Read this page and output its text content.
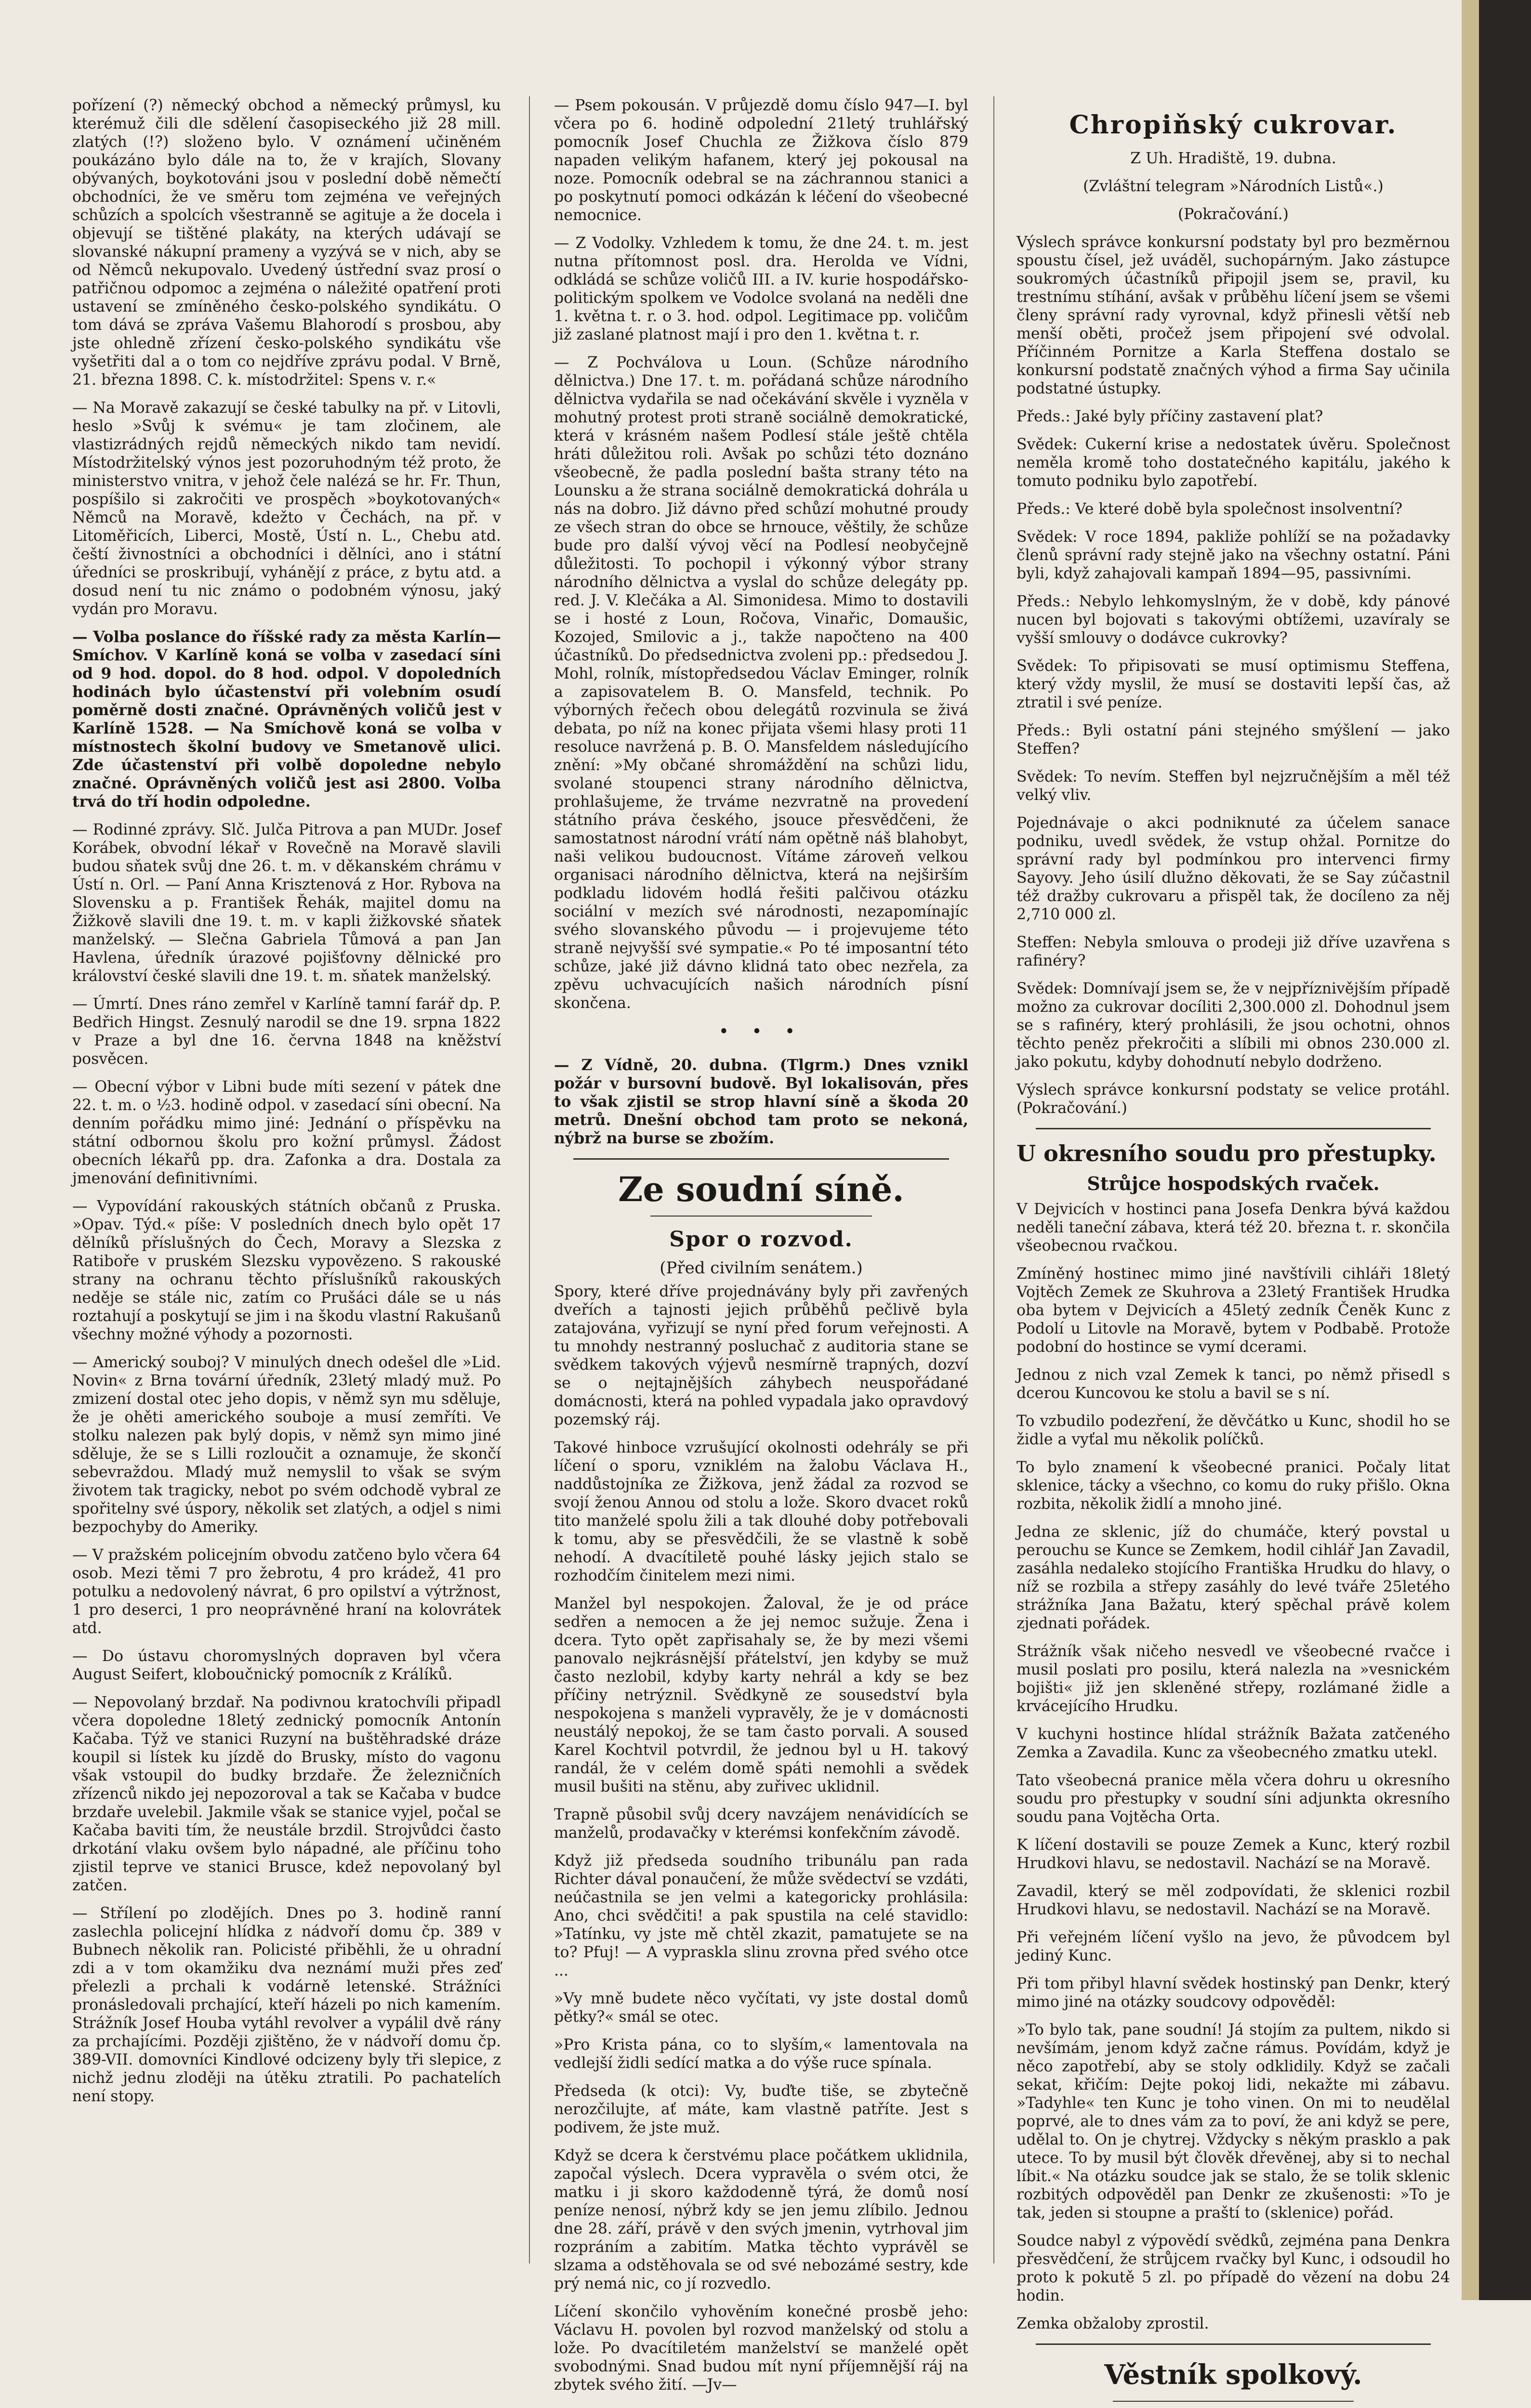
pořízení (?) německý obchod a německý průmysl, ku kterémuž čili dle sdělení časopiseckého již 28 mill. zlatých (!?) složeno bylo. V oznámení učiněném poukázáno bylo dále na to, že v krajích, Slovany obývaných, boykotováni jsou v poslední době němečtí obchodníci, že ve směru tom zejména ve veřejných schůzích a spolcích všestranně se agituje a že docela i objevují se tištěné plakáty, na kterých udávají se slovanské nákupní prameny a vyzývá se v nich, aby se od Němců nekupovalo. Uvedený ústřední svaz prosí o patřičnou odpomoc a zejména o náležité opatření proti ustavení se zmíněného česko-polského syndikátu. O tom dává se zpráva Vašemu Blahorodí s prosbou, aby jste ohledně zřízení česko-polského syndikátu vše vyšetřiti dal a o tom co nejdříve zprávu podal. V Brně, 21. března 1898. C. k. místodržitel: Spens v. r.«

— Na Moravě zakazují se české tabulky na př. v Litovli, heslo »Svůj k svému« je tam zločinem, ale vlastizrádných rejdů německých nikdo tam nevidí. Místodržitelský výnos jest pozoruhodným též proto, že ministerstvo vnitra, v jehož čele nalézá se hr. Fr. Thun, pospíšilo si zakročiti ve prospěch »boykotovaných« Němců na Moravě, kdežto v Čechách, na př. v Litoměřicích, Liberci, Mostě, Ústí n. L., Chebu atd. čeští živnostníci a obchodníci i dělníci, ano i státní úředníci se proskribují, vyhánějí z práce, z bytu atd. a dosud není tu nic známo o podobném výnosu, jaký vydán pro Moravu.

— Volba poslance do říšské rady za města Karlín—Smíchov. V Karlíně koná se volba v zasedací síni od 9 hod. dopol. do 8 hod. odpol. V dopoledních hodinách bylo účastenství při volebním osudí poměrně dosti značné. Oprávněných voličů jest v Karlíně 1528. — Na Smíchově koná se volba v místnostech školní budovy ve Smetanově ulici. Zde účastenství při volbě dopoledne nebylo značné. Oprávněných voličů jest asi 2800. Volba trvá do tří hodin odpoledne.

— Rodinné zprávy. Slč. Julča Pitrova a pan MUDr. Josef Korábek, obvodní lékař v Rovečně na Moravě slavili budou sňatek svůj dne 26. t. m. v děkanském chrámu v Ústí n. Orl. — Paní Anna Krisztenová z Hor. Rybova na Slovensku a p. František Řehák, majitel domu na Žižkově slavili dne 19. t. m. v kapli žižkovské sňatek manželský. — Slečna Gabriela Tůmová a pan Jan Havlena, úředník úrazové pojišťovny dělnické pro království české slavili dne 19. t. m. sňatek manželský.

— Úmrtí. Dnes ráno zemřel v Karlíně tamní farář dp. P. Bedřich Hingst. Zesnulý narodil se dne 19. srpna 1822 v Praze a byl dne 16. června 1848 na kněžství posvěcen.

— Obecní výbor v Libni bude míti sezení v pátek dne 22. t. m. o ½3. hodině odpol. v zasedací síni obecní. Na denním pořádku mimo jiné: Jednání o příspěvku na státní odbornou školu pro kožní průmysl. Žádost obecních lékařů pp. dra. Zafonka a dra. Dostala za jmenování definitivními.

— Vypovídání rakouských státních občanů z Pruska. »Opav. Týd.« píše: V posledních dnech bylo opět 17 dělníků příslušných do Čech, Moravy a Slezska z Ratiboře v pruském Slezsku vypovězeno. S rakouské strany na ochranu těchto příslušníků rakouských neděje se stále nic, zatím co Prušáci dále se u nás roztahují a poskytují se jim i na škodu vlastní Rakušanů všechny možné výhody a pozornosti.

— Americký souboj? V minulých dnech odešel dle »Lid. Novin« z Brna tovární úředník, 23letý mladý muž. Po zmizení dostal otec jeho dopis, v němž syn mu sděluje, že je ohěti amerického souboje a musí zemříti. Ve stolku nalezen pak bylý dopis, v němž syn mimo jiné sděluje, že se s Lilli rozloučit a oznamuje, že skončí sebevraždou. Mladý muž nemyslil to však se svým životem tak tragicky, nebot po svém odchodě vybral ze spořitelny své úspory, několik set zlatých, a odjel s nimi bezpochyby do Ameriky.

— V pražském policejním obvodu zatčeno bylo včera 64 osob. Mezi těmi 7 pro žebrotu, 4 pro krádež, 41 pro potulku a nedovolený návrat, 6 pro opilství a výtržnost, 1 pro deserci, 1 pro neoprávněné hraní na kolovrátek atd.

— Do ústavu choromyslných dopraven byl včera August Seifert, kloboučnický pomocník z Králíků.

— Nepovolaný brzdař. Na podivnou kratochvíli připadl včera dopoledne 18letý zednický pomocník Antonín Kačaba. Týž ve stanici Ruzyní na buštěhradské dráze koupil si lístek ku jízdě do Brusky, místo do vagonu však vstoupil do budky brzdaře. Že železničních zřízenců nikdo jej nepozoroval a tak se Kačaba v budce brzdaře uvelebil. Jakmile však se stanice vyjel, počal se Kačaba baviti tím, že neustále brzdil. Strojvůdci často drkotání vlaku ovšem bylo nápadné, ale příčinu toho zjistil teprve ve stanici Brusce, kdež nepovolaný byl zatčen.

— Střílení po zlodějích. Dnes po 3. hodině ranní zaslechla policejní hlídka z nádvoří domu čp. 389 v Bubnech několik ran. Policisté přiběhli, že u ohradní zdi a v tom okamžiku dva neznámí muži přes zeď přelezli a prchali k vodárně letenské. Strážníci pronásledovali prchající, kteří házeli po nich kamením. Strážník Josef Houba vytáhl revolver a vypálil dvě rány za prchajícími. Později zjištěno, že v nádvoří domu čp. 389-VII. domovníci Kindlové odcizeny byly tři slepice, z nichž jednu zloději na útěku ztratili. Po pachatelích není stopy.

— Psem pokousán. V průjezdě domu číslo 947—I. byl včera po 6. hodině odpolední 21letý truhlářský pomocník Josef Chuchla ze Žižkova číslo 879 napaden velikým hafanem, který jej pokousal na noze. Pomocník odebral se na záchrannou stanici a po poskytnutí pomoci odkázán k léčení do všeobecné nemocnice.

— Z Vodolky. Vzhledem k tomu, že dne 24. t. m. jest nutna přítomnost posl. dra. Herolda ve Vídni, odkládá se schůze voličů III. a IV. kurie hospodářsko-politickým spolkem ve Vodolce svolaná na neděli dne 1. května t. r. o 3. hod. odpol. Legitimace pp. voličům již zaslané platnost mají i pro den 1. května t. r.

— Z Pochválova u Loun. (Schůze národního dělnictva.) Dne 17. t. m. pořádaná schůze národního dělnictva vydařila se nad očekávání skvěle i vyzněla v mohutný protest proti straně sociálně demokratické, která v krásném našem Podlesí stále ještě chtěla hráti důležitou roli. Avšak po schůzi této doznáno všeobecně, že padla poslední bašta strany této na Lounsku a že strana sociálně demokratická dohrála u nás na dobro. Již dávno před schůzí mohutné proudy ze všech stran do obce se hrnouce, věštily, že schůze bude pro další vývoj věcí na Podlesí neobyčejně důležitosti. To pochopil i výkonný výbor strany národního dělnictva a vyslal do schůze delegáty pp. red. J. V. Klečáka a Al. Simonidesa. Mimo to dostavili se i hosté z Loun, Ročova, Vinařic, Domaušic, Kozojed, Smilovic a j., takže napočteno na 400 účastníků. Do předsednictva zvoleni pp.: předsedou J. Mohl, rolník, místopředsedou Václav Eminger, rolník a zapisovatelem B. O. Mansfeld, technik. Po výborných řečech obou delegátů rozvinula se živá debata, po níž na konec přijata všemi hlasy proti 11 resoluce navržená p. B. O. Mansfeldem následujícího znění: »My občané shromáždění na schůzi lidu, svolané stoupenci strany národního dělnictva, prohlašujeme, že trváme nezvratně na provedení státního práva českého, jsouce přesvědčeni, že samostatnost národní vrátí nám opětně náš blahobyt, naši velikou budoucnost. Vítáme zároveň velkou organisaci národního dělnictva, která na nejširším podkladu lidovém hodlá řešiti palčivou otázku sociální v mezích své národnosti, nezapomínajíc svého slovanského původu — i projevujeme této straně nejvyšší své sympatie.« Po té imposantní této schůze, jaké již dávno klidná tato obec nezřela, za zpěvu uchvacujících našich národních písní skončena.

• • •

— Z Vídně, 20. dubna. (Tlgrm.) Dnes vznikl požár v bursovní budově. Byl lokalisován, přes to však zjistil se strop hlavní síně a škoda 20 metrů. Dnešní obchod tam proto se nekoná, nýbrž na burse se zbožím.

Ze soudní síně.
Spor o rozvod.
(Před civilním senátem.)

Spory, které dříve projednávány byly při zavřených dveřích a tajnosti jejich průběhů pečlivě byla zatajována, vyřizují se nyní před forum veřejnosti. A tu mnohdy nestranný posluchač z auditoria stane se svědkem takových výjevů nesmírně trapných, dozví se o nejtajnějších záhybech neuspořádané domácnosti, která na pohled vypadala jako opravdový pozemský ráj.

Takové hinboce vzrušující okolnosti odehrály se při líčení o sporu, vzniklém na žalobu Václava H., naddůstojníka ze Žižkova, jenž žádal za rozvod se svojí ženou Annou od stolu a lože. Skoro dvacet roků tito manželé spolu žili a tak dlouhé doby potřebovali k tomu, aby se přesvědčili, že se vlastně k sobě nehodí. A dvacítiletě pouhé lásky jejich stalo se rozhodčím činitelem mezi nimi.

Manžel byl nespokojen. Žaloval, že je od práce sedřen a nemocen a že jej nemoc sužuje. Žena i dcera. Tyto opět zapřisahaly se, že by mezi všemi panovalo nejkrásnější přátelství, jen kdyby se muž často nezlobil, kdyby karty nehrál a kdy se bez příčiny netrýznil. Svědkyně ze sousedství byla nespokojena s manželi vypravěly, že je v domácnosti neustálý nepokoj, že se tam často porvali. A soused Karel Kochtvil potvrdil, že jednou byl u H. takový randál, že v celém domě spáti nemohli a svědek musil bušiti na stěnu, aby zuřivec uklidnil.

Trapně působil svůj dcery navzájem nenávidících se manželů, prodavačky v kterémsi konfekčním závodě.

Když již předseda soudního tribunálu pan rada Richter dával ponaučení, že může svědectví se vzdáti, neúčastnila se jen velmi a kategoricky prohlásila: Ano, chci svědčiti! a pak spustila na celé stavidlo: »Tatínku, vy jste mě chtěl zkazit, pamatujete se na to? Pfuj! — A vypraskla slinu zrovna před svého otce ...

»Vy mně budete něco vyčítati, vy jste dostal domů pětky?« smál se otec.

»Pro Krista pána, co to slyším,« lamentovala na vedlejší židli sedící matka a do výše ruce spínala.

Předseda (k otci): Vy, buďte tiše, se zbytečně nerozčilujte, ať máte, kam vlastně patříte. Jest s podivem, že jste muž.

Když se dcera k čerstvému place počátkem uklidnila, započal výslech. Dcera vypravěla o svém otci, že matku i ji skoro každodenně týrá, že domů nosí peníze nenosí, nýbrž kdy se jen jemu zlíbilo. Jednou dne 28. září, právě v den svých jmenin, vytrhoval jim rozpráním a zabitím. Matka těchto vyprávěl se slzama a odstěhovala se od své nebozámé sestry, kde prý nemá nic, co jí rozvedlo.

Líčení skončilo vyhověním konečné prosbě jeho: Václavu H. povolen byl rozvod manželský od stolu a lože. Po dvacítiletém manželství se manželé opět svobodnými. Snad budou mít nyní příjemnější ráj na zbytek svého žití. —Jv—

Chropiňský cukrovar.

Z Uh. Hradiště, 19. dubna.

(Zvláštní telegram »Národních Listů«.)

(Pokračování.)

Výslech správce konkursní podstaty byl pro bezměrnou spoustu čísel, jež uváděl, suchopárným. Jako zástupce soukromých účastníků připojil jsem se, pravil, ku trestnímu stíhání, avšak v průběhu líčení jsem se všemi členy správní rady vyrovnal, když přinesli větší neb menší oběti, pročež jsem připojení své odvolal. Příčinném Pornitze a Karla Steffena dostalo se konkursní podstatě značných výhod a firma Say učinila podstatné ústupky.

Předs.: Jaké byly příčiny zastavení plat?

Svědek: Cukerní krise a nedostatek úvěru. Společnost neměla kromě toho dostatečného kapitálu, jakého k tomuto podniku bylo zapotřebí.

Předs.: Ve které době byla společnost insolventní?

Svědek: V roce 1894, pakliže pohlíží se na požadavky členů správní rady stejně jako na všechny ostatní. Páni byli, když zahajovali kampaň 1894—95, passivními.

Předs.: Nebylo lehkomyslným, že v době, kdy pánové nucen byl bojovati s takovými obtížemi, uzavíraly se vyšší smlouvy o dodávce cukrovky?

Svědek: To připisovati se musí optimismu Steffena, který vždy myslil, že musí se dostaviti lepší čas, až ztratil i své peníze.

Předs.: Byli ostatní páni stejného smýšlení — jako Steffen?

Svědek: To nevím. Steffen byl nejzručnějším a měl též velký vliv.

Pojednávaje o akci podniknuté za účelem sanace podniku, uvedl svědek, že vstup ohžal. Pornitze do správní rady byl podmínkou pro intervenci firmy Sayovy. Jeho úsilí dlužno děkovati, že se Say zúčastnil též dražby cukrovaru a přispěl tak, že docíleno za něj 2,710 000 zl.

Steffen: Nebyla smlouva o prodeji již dříve uzavřena s rafinéry?

Svědek: Domnívají jsem se, že v nejpříznivějším případě možno za cukrovar docíliti 2,300.000 zl. Dohodnul jsem se s rafinéry, který prohlásili, že jsou ochotni, ohnos těchto peněz překročiti a slíbili mi obnos 230.000 zl. jako pokutu, kdyby dohodnutí nebylo dodrženo.

Výslech správce konkursní podstaty se velice protáhl. (Pokračování.)

U okresního soudu pro přestupky.
Strůjce hospodských rvaček.

V Dejvicích v hostinci pana Josefa Denkra bývá každou neděli taneční zábava, která též 20. března t. r. skončila všeobecnou rvačkou.

Zmíněný hostinec mimo jiné navštívili cihláři 18letý Vojtěch Zemek ze Skuhrova a 23letý František Hrudka oba bytem v Dejvicích a 45letý zedník Čeněk Kunc z Podolí u Litovle na Moravě, bytem v Podbabě. Protože podobní do hostince se vymí dcerami.

Jednou z nich vzal Zemek k tanci, po němž přisedl s dcerou Kuncovou ke stolu a bavil se s ní.

To vzbudilo podezření, že děvčátko u Kunc, shodil ho se židle a vyťal mu několik políčků.

To bylo znamení k všeobecné pranici. Počaly litat sklenice, tácky a všechno, co komu do ruky přišlo. Okna rozbita, několik židlí a mnoho jiné.

Jedna ze sklenic, jíž do chumáče, který povstal u perouchu se Kunce se Zemkem, hodil cihlář Jan Zavadil, zasáhla nedaleko stojícího Františka Hrudku do hlavy, o níž se rozbila a střepy zasáhly do levé tváře 25letého strážníka Jana Bažatu, který spěchal právě kolem zjednati pořádek.

Strážník však ničeho nesvedl ve všeobecné rvačce i musil poslati pro posilu, která nalezla na »vesnickém bojišti« již jen skleněné střepy, rozlámané židle a krvácejícího Hrudku.

V kuchyni hostince hlídal strážník Bažata zatčeného Zemka a Zavadila. Kunc za všeobecného zmatku utekl.

Tato všeobecná pranice měla včera dohru u okresního soudu pro přestupky v soudní síni adjunkta okresního soudu pana Vojtěcha Orta.

K líčení dostavili se pouze Zemek a Kunc, který rozbil Hrudkovi hlavu, se nedostavil. Nachází se na Moravě.

Zavadil, který se měl zodpovídati, že sklenici rozbil Hrudkovi hlavu, se nedostavil. Nachází se na Moravě.

Při veřejném líčení vyšlo na jevo, že původcem byl jediný Kunc.

Při tom přibyl hlavní svědek hostinský pan Denkr, který mimo jiné na otázky soudcovy odpověděl:

»To bylo tak, pane soudní! Já stojím za pultem, nikdo si nevšímám, jenom když začne rámus. Povídám, když je něco zapotřebí, aby se stoly odklidily. Když se začali sekat, křičím: Dejte pokoj lidi, nekažte mi zábavu. »Tadyhle« ten Kunc je toho vinen. On mi to neudělal poprvé, ale to dnes vám za to poví, že ani když se pere, udělal to. On je chytrej. Vždycky s někým prasklo a pak utece. To by musil být člověk dřevěnej, aby si to nechal líbit.« Na otázku soudce jak se stalo, že se tolik sklenic rozbitých odpověděl pan Denkr ze zkušenosti: »To je tak, jeden si stoupne a praští to (sklenice) pořád.

Soudce nabyl z výpovědí svědků, zejména pana Denkra přesvědčení, že strůjcem rvačky byl Kunc, i odsoudil ho proto k pokutě 5 zl. po případě do vězení na dobu 24 hodin.

Zemka obžaloby zprostil.

Věstník spolkový.
